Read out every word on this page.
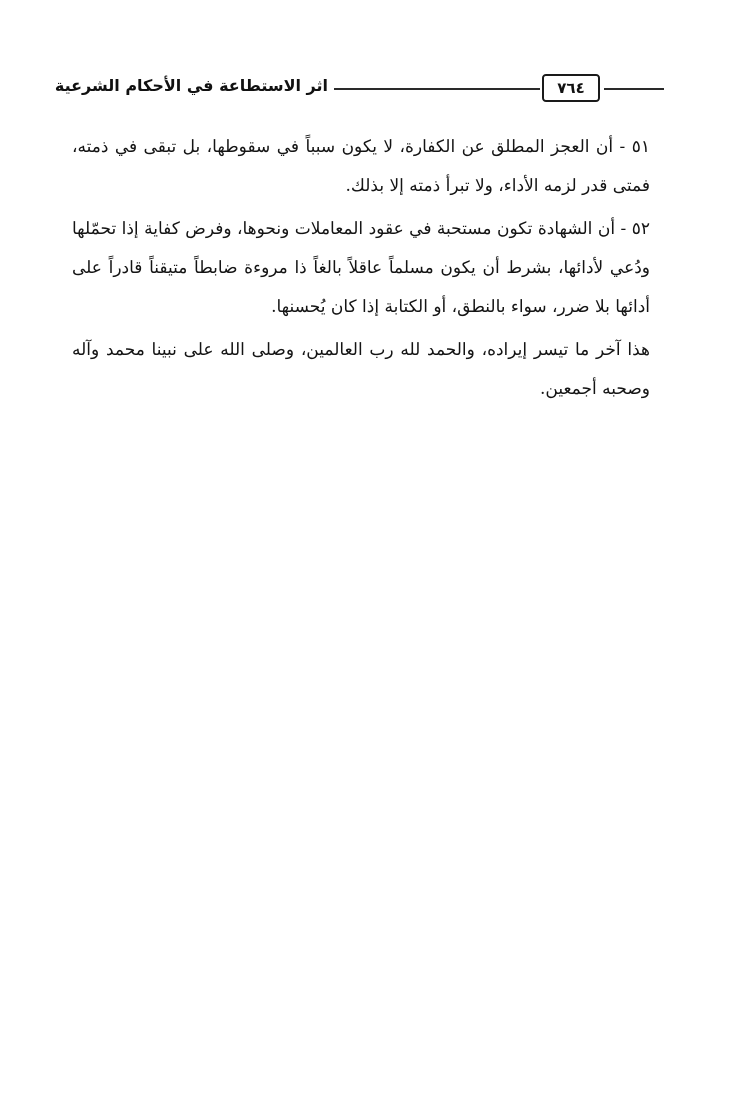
اثر الاستطاعة في الأحكام الشرعية	٧٦٤

٥١ - أن العجز المطلق عن الكفارة، لا يكون سبباً في سقوطها، بل تبقى في ذمته، فمتى قدر لزمه الأداء، ولا تبرأ ذمته إلا بذلك.

٥٢ - أن الشهادة تكون مستحبة في عقود المعاملات ونحوها، وفرض كفاية إذا تحمّلها ودُعي لأدائها، بشرط أن يكون مسلماً عاقلاً بالغاً ذا مروءة ضابطاً متيقناً قادراً على أدائها بلا ضرر، سواء بالنطق، أو الكتابة إذا كان يُحسنها.

هذا آخر ما تيسر إيراده، والحمد لله رب العالمين، وصلى الله على نبينا محمد وآله وصحبه أجمعين.
